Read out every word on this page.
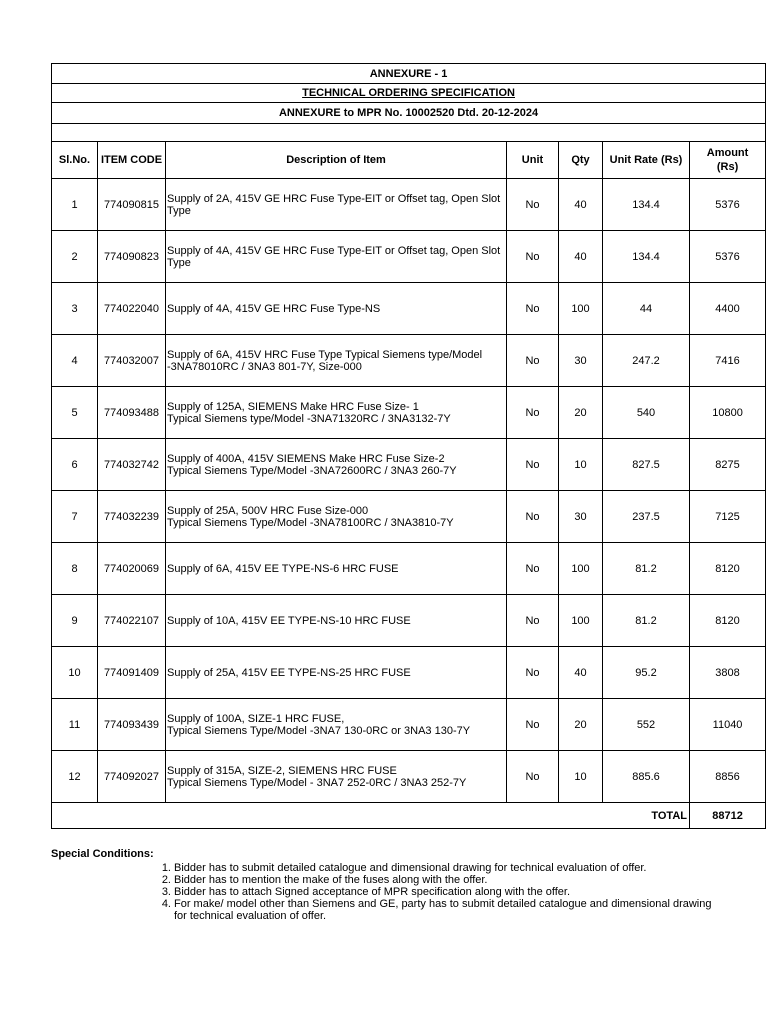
ANNEXURE - 1						
TECHNICAL ORDERING SPECIFICATION						
ANNEXURE to MPR No. 10002520 Dtd. 20-12-2024						

Sl.No.	ITEM CODE	Description of Item	Unit	Qty	Unit Rate (Rs)	Amount (Rs)
1	774090815	Supply of 2A, 415V GE HRC Fuse Type-EIT or Offset tag, Open Slot Type	No	40	134.4	5376
2	774090823	Supply of 4A, 415V GE HRC Fuse Type-EIT or Offset tag, Open Slot Type	No	40	134.4	5376
3	774022040	Supply of 4A, 415V GE HRC Fuse Type-NS	No	100	44	4400
4	774032007	Supply of 6A, 415V HRC Fuse Type Typical Siemens type/Model -3NA78010RC / 3NA3 801-7Y, Size-000	No	30	247.2	7416
5	774093488	Supply of 125A, SIEMENS Make HRC Fuse Size- 1
Typical Siemens type/Model -3NA71320RC / 3NA3132-7Y	No	20	540	10800
6	774032742	Supply of 400A, 415V SIEMENS Make HRC Fuse Size-2
Typical Siemens Type/Model -3NA72600RC / 3NA3 260-7Y	No	10	827.5	8275
7	774032239	Supply of 25A, 500V HRC Fuse Size-000
Typical Siemens Type/Model -3NA78100RC / 3NA3810-7Y	No	30	237.5	7125
8	774020069	Supply of 6A, 415V EE TYPE-NS-6 HRC FUSE	No	100	81.2	8120
9	774022107	Supply of 10A, 415V EE TYPE-NS-10 HRC FUSE	No	100	81.2	8120
10	774091409	Supply of 25A, 415V EE TYPE-NS-25 HRC FUSE	No	40	95.2	3808
11	774093439	Supply of 100A, SIZE-1 HRC FUSE,
Typical Siemens Type/Model -3NA7 130-0RC or 3NA3 130-7Y	No	20	552	11040
12	774092027	Supply of 315A, SIZE-2, SIEMENS HRC FUSE
Typical Siemens Type/Model - 3NA7 252-0RC / 3NA3 252-7Y	No	10	885.6	8856
TOTAL						88712
Special Conditions:
1. Bidder has to submit detailed catalogue and dimensional drawing for technical evaluation of offer.
2. Bidder has to mention the make of the fuses along with the offer.
3. Bidder has to attach Signed acceptance of MPR specification along with the offer.
4. For make/ model other than Siemens and GE, party has to submit detailed catalogue and dimensional drawing for technical evaluation of offer.
